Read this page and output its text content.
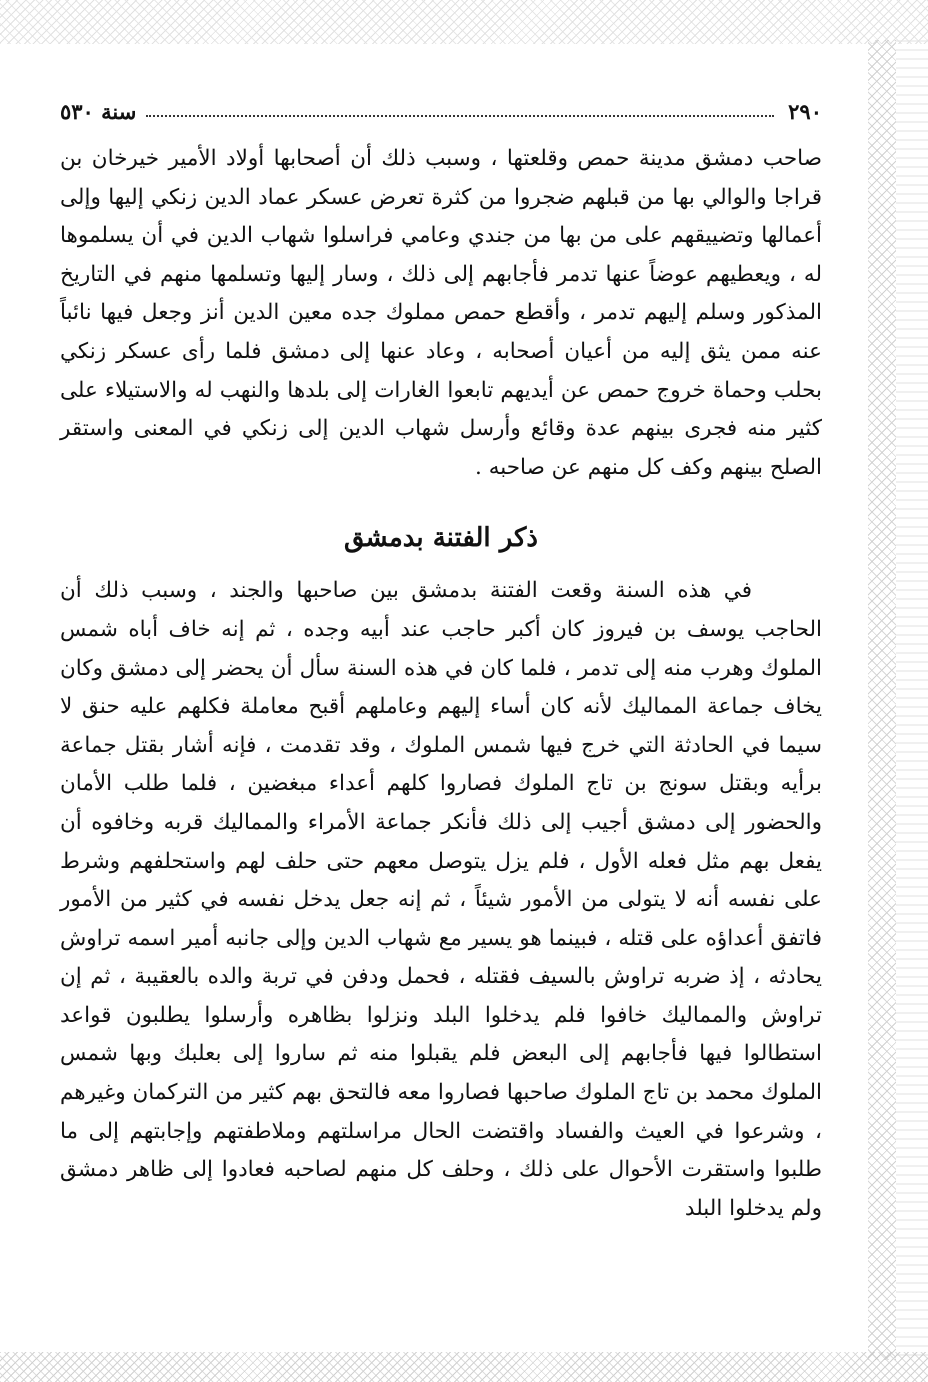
٢٩٠
سنة ٥٣٠

صاحب دمشق مدينة حمص وقلعتها ، وسبب ذلك أن أصحابها أولاد الأمير خيرخان بن قراجا والوالي بها من قبلهم ضجروا من كثرة تعرض عسكر عماد الدين زنكي إليها وإلى أعمالها وتضييقهم على من بها من جندي وعامي فراسلوا شهاب الدين في أن يسلموها له ، ويعطيهم عوضاً عنها تدمر فأجابهم إلى ذلك ، وسار إليها وتسلمها منهم في التاريخ المذكور وسلم إليهم تدمر ، وأقطع حمص مملوك جده معين الدين أنز وجعل فيها نائباً عنه ممن يثق إليه من أعيان أصحابه ، وعاد عنها إلى دمشق فلما رأى عسكر زنكي بحلب وحماة خروج حمص عن أيديهم تابعوا الغارات إلى بلدها والنهب له والاستيلاء على كثير منه فجرى بينهم عدة وقائع وأرسل شهاب الدين إلى زنكي في المعنى واستقر الصلح بينهم وكف كل منهم عن صاحبه .

ذكر الفتنة بدمشق

في هذه السنة وقعت الفتنة بدمشق بين صاحبها والجند ، وسبب ذلك أن الحاجب يوسف بن فيروز كان أكبر حاجب عند أبيه وجده ، ثم إنه خاف أباه شمس الملوك وهرب منه إلى تدمر ، فلما كان في هذه السنة سأل أن يحضر إلى دمشق وكان يخاف جماعة المماليك لأنه كان أساء إليهم وعاملهم أقبح معاملة فكلهم عليه حنق لا سيما في الحادثة التي خرج فيها شمس الملوك ، وقد تقدمت ، فإنه أشار بقتل جماعة برأيه وبقتل سونج بن تاج الملوك فصاروا كلهم أعداء مبغضين ، فلما طلب الأمان والحضور إلى دمشق أجيب إلى ذلك فأنكر جماعة الأمراء والمماليك قربه وخافوه أن يفعل بهم مثل فعله الأول ، فلم يزل يتوصل معهم حتى حلف لهم واستحلفهم وشرط على نفسه أنه لا يتولى من الأمور شيئاً ، ثم إنه جعل يدخل نفسه في كثير من الأمور فاتفق أعداؤه على قتله ، فبينما هو يسير مع شهاب الدين وإلى جانبه أمير اسمه تراوش يحادثه ، إذ ضربه تراوش بالسيف فقتله ، فحمل ودفن في تربة والده بالعقيبة ، ثم إن تراوش والمماليك خافوا فلم يدخلوا البلد ونزلوا بظاهره وأرسلوا يطلبون قواعد استطالوا فيها فأجابهم إلى البعض فلم يقبلوا منه ثم ساروا إلى بعلبك وبها شمس الملوك محمد بن تاج الملوك صاحبها فصاروا معه فالتحق بهم كثير من التركمان وغيرهم ، وشرعوا في العيث والفساد واقتضت الحال مراسلتهم وملاطفتهم وإجابتهم إلى ما طلبوا واستقرت الأحوال على ذلك ، وحلف كل منهم لصاحبه فعادوا إلى ظاهر دمشق ولم يدخلوا البلد
